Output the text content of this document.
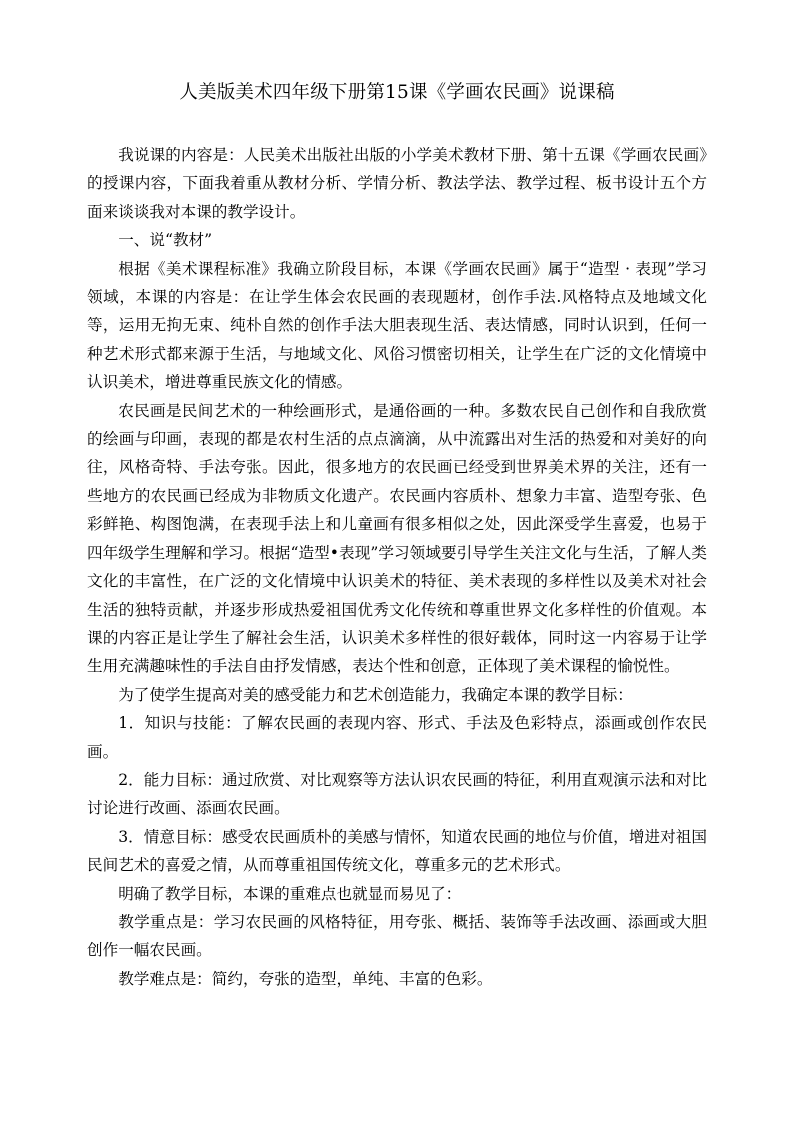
人美版美术四年级下册第15课《学画农民画》说课稿

我说课的内容是：人民美术出版社出版的小学美术教材下册、第十五课《学画农民画》的授课内容，下面我着重从教材分析、学情分析、教法学法、教学过程、板书设计五个方面来谈谈我对本课的教学设计。

一、说“教材”

根据《美术课程标准》我确立阶段目标，本课《学画农民画》属于“造型 · 表现”学习领域，本课的内容是：在让学生体会农民画的表现题材，创作手法.风格特点及地域文化等，运用无拘无束、纯朴自然的创作手法大胆表现生活、表达情感，同时认识到，任何一种艺术形式都来源于生活，与地域文化、风俗习惯密切相关，让学生在广泛的文化情境中认识美术，增进尊重民族文化的情感。

农民画是民间艺术的一种绘画形式，是通俗画的一种。多数农民自己创作和自我欣赏的绘画与印画，表现的都是农村生活的点点滴滴，从中流露出对生活的热爱和对美好的向往，风格奇特、手法夸张。因此，很多地方的农民画已经受到世界美术界的关注，还有一些地方的农民画已经成为非物质文化遗产。农民画内容质朴、想象力丰富、造型夸张、色彩鲜艳、构图饱满，在表现手法上和儿童画有很多相似之处，因此深受学生喜爱，也易于四年级学生理解和学习。根据“造型•表现”学习领域要引导学生关注文化与生活，了解人类文化的丰富性，在广泛的文化情境中认识美术的特征、美术表现的多样性以及美术对社会生活的独特贡献，并逐步形成热爱祖国优秀文化传统和尊重世界文化多样性的价值观。本课的内容正是让学生了解社会生活，认识美术多样性的很好载体，同时这一内容易于让学生用充满趣味性的手法自由抒发情感，表达个性和创意，正体现了美术课程的愉悦性。

为了使学生提高对美的感受能力和艺术创造能力，我确定本课的教学目标：

1．知识与技能：了解农民画的表现内容、形式、手法及色彩特点，添画或创作农民画。

2．能力目标：通过欣赏、对比观察等方法认识农民画的特征，利用直观演示法和对比讨论进行改画、添画农民画。

3．情意目标：感受农民画质朴的美感与情怀，知道农民画的地位与价值，增进对祖国民间艺术的喜爱之情，从而尊重祖国传统文化，尊重多元的艺术形式。

明确了教学目标，本课的重难点也就显而易见了：

教学重点是：学习农民画的风格特征，用夸张、概括、装饰等手法改画、添画或大胆创作一幅农民画。

教学难点是：简约，夸张的造型，单纯、丰富的色彩。
